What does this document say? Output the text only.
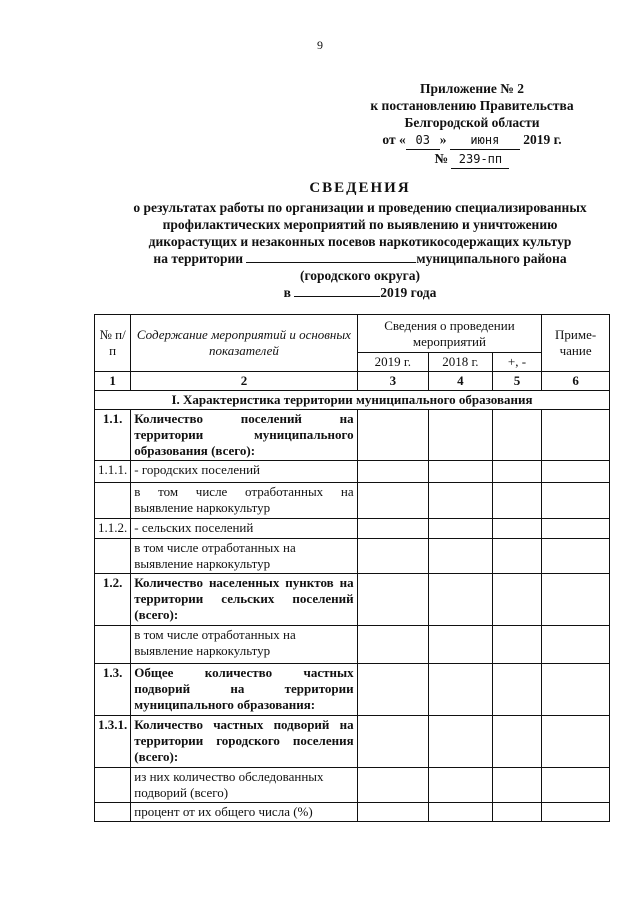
9
Приложение № 2
к постановлению Правительства
Белгородской области
от « 03 » июня 2019 г.
№ 239-пп
СВЕДЕНИЯ
о результатах работы по организации и проведению специализированных
профилактических мероприятий по выявлению и уничтожению
дикорастущих и незаконных посевов наркотикосодержащих культур
на территории	муниципального района
(городского округа)
в	2019 года
№ п/п	Содержание мероприятий и основных показателей	Сведения о проведении мероприятий			Приме-чание
		2019 г.	2018 г.	+, -	
1	2	3	4	5	6
I. Характеристика территории муниципального образования					
1.1.	Количество поселений на территории муниципального образования (всего):				
1.1.1.	- городских поселений				
	в том числе отработанных на выявление наркокультур				
1.1.2.	- сельских поселений				
	в том числе отработанных на выявление наркокультур				
1.2.	Количество населенных пунктов на территории сельских поселений (всего):				
	в том числе отработанных на выявление наркокультур				
1.3.	Общее количество частных подворий на территории муниципального образования:				
1.3.1.	Количество частных подворий на территории городского поселения (всего):				
	из них количество обследованных подворий (всего)				
	процент от их общего числа (%)				
